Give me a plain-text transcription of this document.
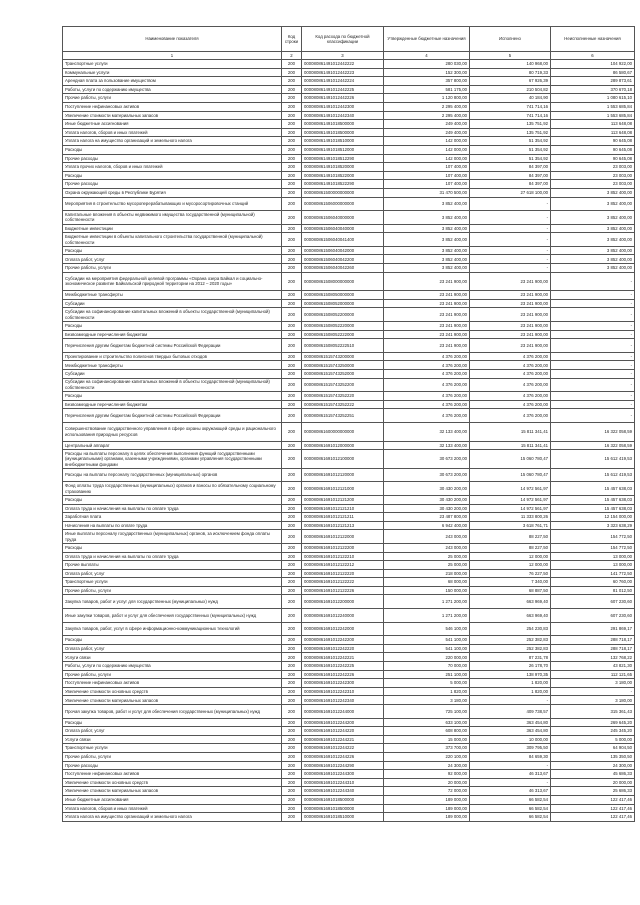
Наименование показателя	Код строки	Код расхода по бюджетной классификации	Утвержденные бюджетные назначения	Исполнено	Неисполненные назначения
1	2	3	4	5	6
Транспортные услуги	200	000080861491012442222	280 030,00	140 968,00	104 922,00
Коммунальные услуги	200	000080861491012442223	152 300,00	80 719,33	86 580,67
Арендная плата за пользование имуществом	200	000080861491012442224	357 800,00	67 926,39	289 873,61
Работы, услуги по содержанию имущества	200	000080861491012442225	581 175,00	210 504,82	370 670,18
Прочие работы, услуги	200	000080861491012442226	1 120 800,00	40 184,90	1 080 615,10
Поступление нефинансовых активов	200	000080861491012442300	2 295 400,00	741 714,16	1 553 685,84
Увеличение стоимости материальных запасов	200	000080861491012442340	2 295 400,00	741 714,16	1 553 685,84
Иные бюджетные ассигнования	200	000080861491018500000	249 400,00	135 751,92	113 648,08
Уплата налогов, сборов и иных платежей	200	000080861491018500000	249 400,00	135 751,92	113 648,08
Уплата налога на имущество организаций и земельного налога	200	000080861491018510000	142 000,00	51 354,92	90 645,08
Расходы	200	000080861491018512000	142 000,00	51 354,92	90 645,08
Прочие расходы	200	000080861491018512290	142 000,00	51 354,92	90 645,08
Уплата прочих налогов, сборов и иных платежей	200	000080861491018520000	107 400,00	84 397,00	23 003,00
Расходы	200	000080861491018522000	107 400,00	84 397,00	23 003,00
Прочие расходы	200	000080861491018522290	107 400,00	84 397,00	23 003,00
Охрана окружающей среды в Республике Бурятия	200	000080861500000000000	31 470 500,00	27 618 100,00	3 852 400,00
Мероприятия в строительство мусороперерабатывающих и мусоросортировочных станций	200	000080861506000000000	3 852 400,00	-	3 852 400,00
Капитальные вложения в объекты недвижимого имущества государственной (муниципальной) собственности	200	000080861506040000000	3 852 400,00	-	3 852 400,00
Бюджетные инвестиции	200	000080861506040040000	3 852 400,00	-	3 852 400,00
Бюджетные инвестиции в объекты капитального строительства государственной (муниципальной) собственности	200	000080861506040041400	3 852 400,00	-	3 852 400,00
Расходы	200	000080861506040042000	3 852 400,00	-	3 852 400,00
Оплата работ, услуг	200	000080861506040042200	3 852 400,00	-	3 852 400,00
Прочие работы, услуги	200	000080861506040042260	3 852 400,00	-	3 852 400,00
Субсидии на мероприятия федеральной целевой программы «Охрана озера Байкал и социально-экономическое развитие Байкальской природной территории на 2012 – 2020 годы»	200	000080861508000000000	23 241 900,00	23 241 900,00	-
Межбюджетные трансферты	200	000080861508050000000	23 241 900,00	23 241 900,00	-
Субсидии	200	000080861508052000000	23 241 900,00	23 241 900,00	-
Субсидии на софинансирование капитальных вложений в объекты государственной (муниципальной) собственности	200	000080861508052200000	23 241 900,00	23 241 900,00	-
Расходы	200	000080861508052220000	23 241 900,00	23 241 900,00	-
Безвозмездные перечисления бюджетам	200	000080861508052222000	23 241 900,00	23 241 900,00	-
Перечисления другим бюджетам бюджетной системы Российской Федерации	200	000080861508052222510	23 241 900,00	23 241 900,00	-
Проектирование и строительство полигонов твердых бытовых отходов	200	000080861515743200000	4 376 200,00	4 376 200,00	-
Межбюджетные трансферты	200	000080861515743250000	4 376 200,00	4 376 200,00	-
Субсидии	200	000080861515743252000	4 376 200,00	4 376 200,00	-
Субсидии на софинансирование капитальных вложений в объекты государственной (муниципальной) собственности	200	000080861515743252200	4 376 200,00	4 376 200,00	-
Расходы	200	000080861515743252220	4 376 200,00	4 376 200,00	-
Безвозмездные перечисления бюджетам	200	000080861515743252222	4 376 200,00	4 376 200,00	-
Перечисления другим бюджетам бюджетной системы Российской Федерации	200	000080861515743252251	4 376 200,00	4 376 200,00	-
Совершенствование государственного управления в сфере охраны окружающей среды и рационального использования природных ресурсов	200	000080861600000000000	32 133 400,00	15 811 341,41	16 322 058,59
Центральный аппарат	200	000080861691012000000	32 133 400,00	15 811 341,41	16 322 058,59
Расходы на выплаты персоналу в целях обеспечения выполнения функций государственными (муниципальными) органами, казенными учреждениями, органами управления государственными внебюджетными фондами	200	000080861691012100000	30 673 200,00	15 060 780,47	15 612 419,53
Расходы на выплаты персоналу государственных (муниципальных) органов	200	000080861691012120000	30 673 200,00	15 060 780,47	15 612 419,53
Фонд оплаты труда государственных (муниципальных) органов и взносы по обязательному социальному страхованию	200	000080861691012121000	30 430 200,00	14 972 561,97	15 457 638,03
Расходы	200	000080861691012121200	30 430 200,00	14 972 561,97	15 457 638,03
Оплата труда и начисления на выплаты по оплате труда	200	000080861691012121210	30 430 200,00	14 972 561,97	15 457 638,03
Заработная плата	200	000080861691012121211	23 487 800,00	11 333 800,26	12 154 000,00
Начисления на выплаты по оплате труда	200	000080861691012121213	6 942 400,00	3 618 761,71	3 323 638,29
Иные выплаты персоналу государственных (муниципальных) органов, за исключением фонда оплаты труда	200	000080861691012122000	243 000,00	88 227,50	154 772,50
Расходы	200	000080861691012122200	243 000,00	88 227,50	154 772,50
Оплата труда и начисления на выплаты по оплате труда	200	000080861691012122210	25 000,00	12 000,00	13 000,00
Прочие выплаты	200	000080861691012122212	25 000,00	12 000,00	13 000,00
Оплата работ, услуг	200	000080861691012122220	218 000,00	76 227,50	141 772,50
Транспортные услуги	200	000080861691012122222	68 000,00	7 340,00	60 760,00
Прочие работы, услуги	200	000080861691012122226	150 000,00	68 887,50	81 012,50
Закупка товаров, работ и услуг для государственных (муниципальных) нужд	200	000080861691012200000	1 271 200,00	663 969,40	607 230,60
Иные закупки товаров, работ и услуг для обеспечения государственных (муниципальных) нужд	200	000080861691012240000	1 271 200,00	663 969,40	607 230,60
Закупка товаров, работ, услуг в сфере информационно-коммуникационных технологий	200	000080861691012242000	546 100,00	254 230,83	291 869,17
Расходы	200	000080861691012242200	541 100,00	252 382,83	288 718,17
Оплата работ, услуг	200	000080861691012242220	541 100,00	252 382,83	288 718,17
Услуги связи	200	000080861691012242221	220 000,00	87 231,78	132 768,22
Работы, услуги по содержанию имущества	200	000080861691012242225	70 000,00	26 178,70	43 821,30
Прочие работы, услуги	200	000080861691012242226	251 100,00	138 970,35	112 121,65
Поступление нефинансовых активов	200	000080861691012242300	5 000,00	1 820,00	3 180,00
Увеличение стоимости основных средств	200	000080861691012242310	1 820,00	1 820,00	-
Увеличение стоимости материальных запасов	200	000080861691012242340	3 180,00	-	3 180,00
Прочая закупка товаров, работ и услуг для обеспечения государственных (муниципальных) нужд	200	000080861691012244000	725 100,00	409 738,57	315 361,43
Расходы	200	000080861691012244200	633 100,00	363 454,80	269 645,20
Оплата работ, услуг	200	000080861691012244220	608 800,00	363 454,80	245 345,20
Услуги связи	200	000080861691012244221	15 000,00	10 000,00	5 000,00
Транспортные услуги	200	000080861691012244222	373 700,00	309 795,50	64 904,50
Прочие работы, услуги	200	000080861691012244226	220 100,00	84 659,30	135 350,50
Прочие расходы	200	000080861691012244290	24 300,00	-	24 300,00
Поступление нефинансовых активов	200	000080861691012244300	92 000,00	46 313,67	45 686,33
Увеличение стоимости основных средств	200	000080861691012244310	20 000,00	-	20 000,00
Увеличение стоимости материальных запасов	200	000080861691012244340	72 000,00	46 313,67	25 686,33
Иные бюджетные ассигнования	200	000080861691018500000	189 000,00	66 582,54	122 417,46
Уплата налогов, сборов и иных платежей	200	000080861691018500000	189 000,00	66 582,54	122 417,46
Уплата налога на имущество организаций и земельного налога	200	000080861691018510000	189 000,00	66 582,54	122 417,46
